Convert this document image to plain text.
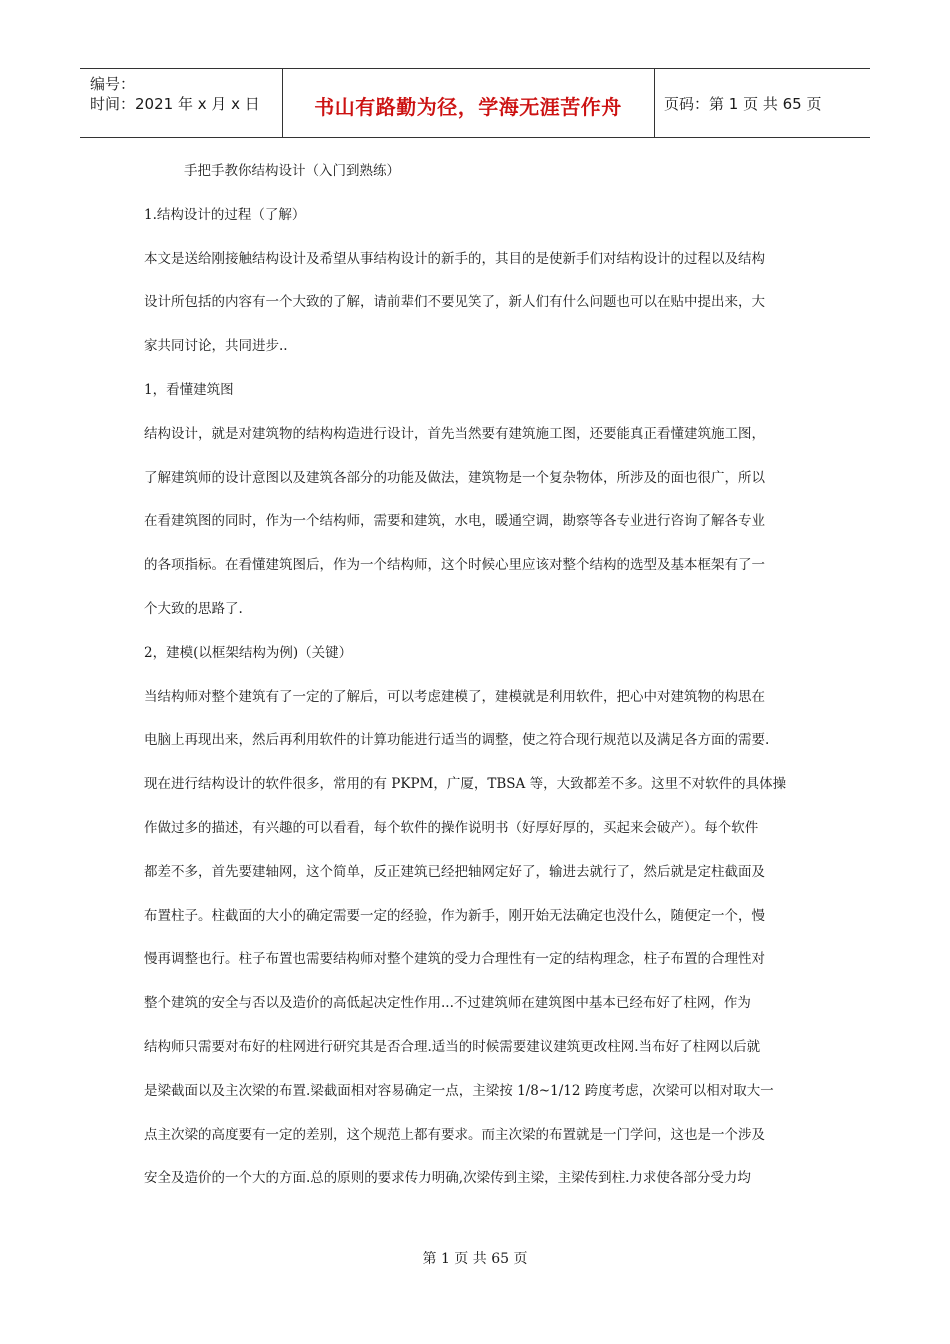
编号：
时间：2021 年 x 月 x 日	书山有路勤为径，学海无涯苦作舟	页码：第 1 页 共 65 页
手把手教你结构设计（入门到熟练）
1.结构设计的过程（了解）
本文是送给刚接触结构设计及希望从事结构设计的新手的，其目的是使新手们对结构设计的过程以及结构
设计所包括的内容有一个大致的了解，请前辈们不要见笑了，新人们有什么问题也可以在贴中提出来，大
家共同讨论，共同进步..
1，看懂建筑图
结构设计，就是对建筑物的结构构造进行设计，首先当然要有建筑施工图，还要能真正看懂建筑施工图，
了解建筑师的设计意图以及建筑各部分的功能及做法，建筑物是一个复杂物体，所涉及的面也很广，所以
在看建筑图的同时，作为一个结构师，需要和建筑，水电，暖通空调，勘察等各专业进行咨询了解各专业
的各项指标。在看懂建筑图后，作为一个结构师，这个时候心里应该对整个结构的选型及基本框架有了一
个大致的思路了.
2，建模(以框架结构为例)（关键）
当结构师对整个建筑有了一定的了解后，可以考虑建模了，建模就是利用软件，把心中对建筑物的构思在
电脑上再现出来，然后再利用软件的计算功能进行适当的调整，使之符合现行规范以及满足各方面的需要.
现在进行结构设计的软件很多，常用的有 PKPM，广厦，TBSA 等，大致都差不多。这里不对软件的具体操
作做过多的描述，有兴趣的可以看看，每个软件的操作说明书（好厚好厚的，买起来会破产）。每个软件
都差不多，首先要建轴网，这个简单，反正建筑已经把轴网定好了，输进去就行了，然后就是定柱截面及
布置柱子。柱截面的大小的确定需要一定的经验，作为新手，刚开始无法确定也没什么，随便定一个，慢
慢再调整也行。柱子布置也需要结构师对整个建筑的受力合理性有一定的结构理念，柱子布置的合理性对
整个建筑的安全与否以及造价的高低起决定性作用...不过建筑师在建筑图中基本已经布好了柱网，作为
结构师只需要对布好的柱网进行研究其是否合理.适当的时候需要建议建筑更改柱网.当布好了柱网以后就
是梁截面以及主次梁的布置.梁截面相对容易确定一点，主梁按 1/8~1/12 跨度考虑，次梁可以相对取大一
点主次梁的高度要有一定的差别，这个规范上都有要求。而主次梁的布置就是一门学问，这也是一个涉及
安全及造价的一个大的方面.总的原则的要求传力明确,次梁传到主梁，主梁传到柱.力求使各部分受力均
第 1 页 共 65 页
